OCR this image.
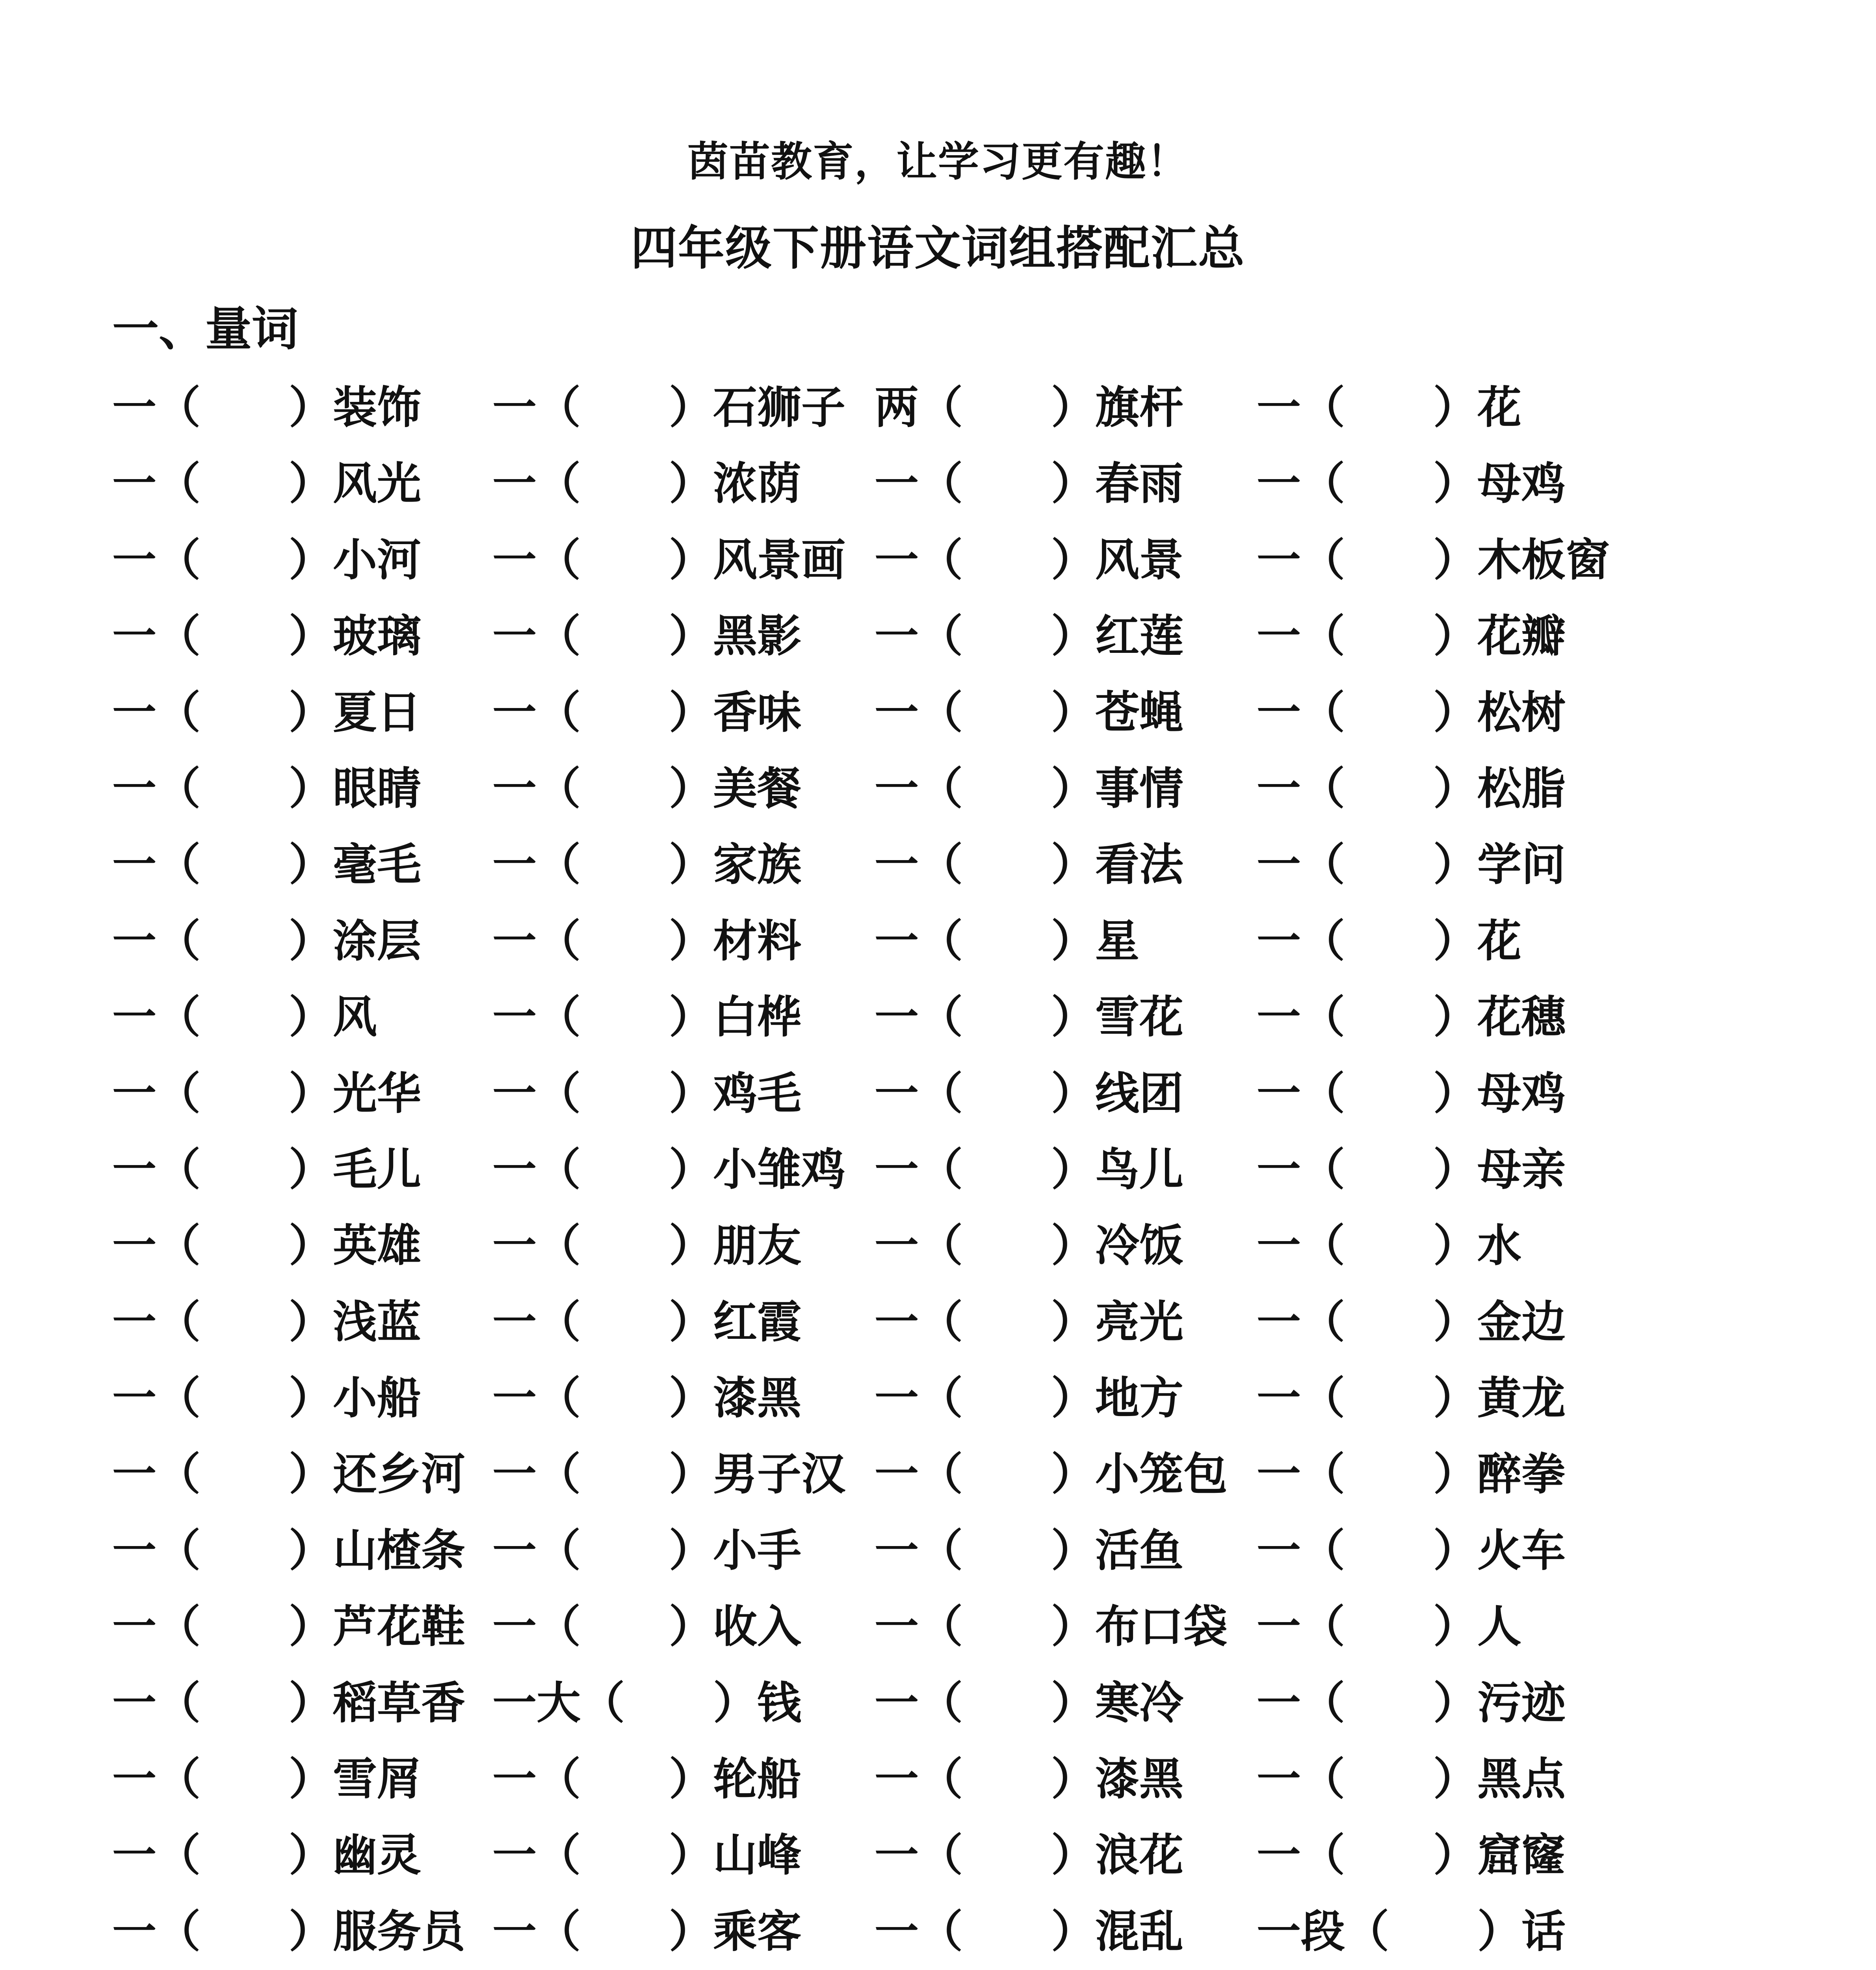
茵苗教育，让学习更有趣！
四年级下册语文词组搭配汇总
一、量词
一（　　）装饰 一（　　）石狮子 两（　　）旗杆 一（　　）花
一（　　）风光 一（　　）浓荫 一（　　）春雨 一（　　）母鸡
一（　　）小河 一（　　）风景画 一（　　）风景 一（　　）木板窗
一（　　）玻璃 一（　　）黑影 一（　　）红莲 一（　　）花瓣
一（　　）夏日 一（　　）香味 一（　　）苍蝇 一（　　）松树
一（　　）眼睛 一（　　）美餐 一（　　）事情 一（　　）松脂
一（　　）毫毛 一（　　）家族 一（　　）看法 一（　　）学问
一（　　）涂层 一（　　）材料 一（　　）星	一（　　）花
一（　　）风	一（　　）白桦 一（　　）雪花 一（　　）花穗
一（　　）光华 一（　　）鸡毛 一（　　）线团 一（　　）母鸡
一（　　）毛儿 一（　　）小雏鸡 一（　　）鸟儿 一（　　）母亲
一（　　）英雄 一（　　）朋友 一（　　）冷饭 一（　　）水
一（　　）浅蓝 一（　　）红霞 一（　　）亮光 一（　　）金边
一（　　）小船 一（　　）漆黑 一（　　）地方 一（　　）黄龙
一（　　）还乡河 一（　　）男子汉 一（　　）小笼包 一（　　）醉拳
一（　　）山楂条 一（　　）小手 一（　　）活鱼 一（　　）火车
一（　　）芦花鞋 一（　　）收入 一（　　）布口袋 一（　　）人
一（　　）稻草香 一大（　　）钱 一（　　）寒冷 一（　　）污迹
一（　　）雪屑 一（　　）轮船 一（　　）漆黑 一（　　）黑点
一（　　）幽灵 一（　　）山峰 一（　　）浪花 一（　　）窟窿
一（　　）服务员 一（　　）乘客 一（　　）混乱 一段（　　）话
